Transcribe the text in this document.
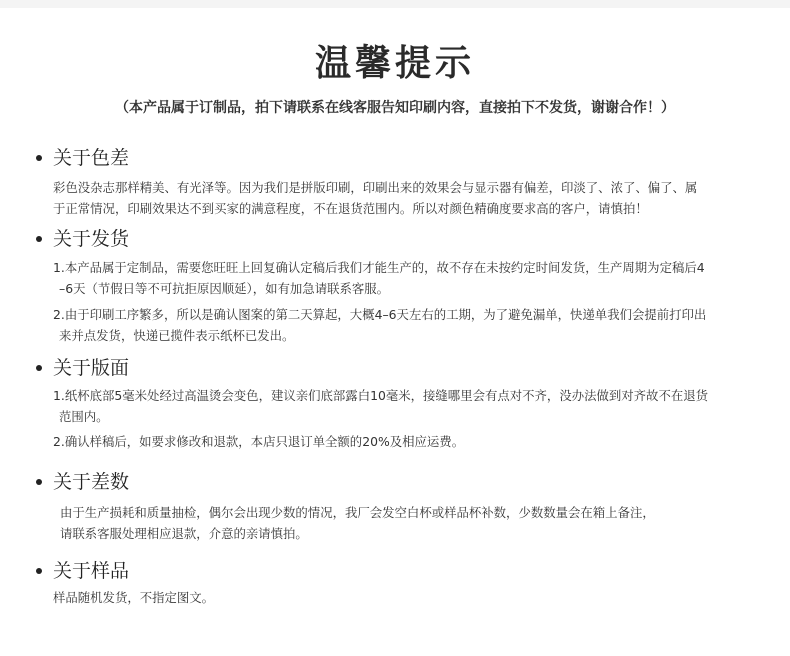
温馨提示
（本产品属于订制品，拍下请联系在线客服告知印刷内容，直接拍下不发货，谢谢合作！）
关于色差
彩色没杂志那样精美、有光泽等。因为我们是拼版印刷，印刷出来的效果会与显示器有偏差，印淡了、浓了、偏了、属
于正常情况，印刷效果达不到买家的满意程度，不在退货范围内。所以对颜色精确度要求高的客户，请慎拍！
关于发货
1.本产品属于定制品，需要您旺旺上回复确认定稿后我们才能生产的，故不存在未按约定时间发货，生产周期为定稿后4
–6天（节假日等不可抗拒原因顺延），如有加急请联系客服。
2.由于印刷工序繁多，所以是确认图案的第二天算起，大概4–6天左右的工期，为了避免漏单，快递单我们会提前打印出
来并点发货，快递已揽件表示纸杯已发出。
关于版面
1.纸杯底部5毫米处经过高温烫会变色，建议亲们底部露白10毫米，接缝哪里会有点对不齐，没办法做到对齐故不在退货
范围内。
2.确认样稿后，如要求修改和退款，本店只退订单全额的20%及相应运费。
关于差数
由于生产损耗和质量抽检，偶尔会出现少数的情况，我厂会发空白杯或样品杯补数，少数数量会在箱上备注，
请联系客服处理相应退款，介意的亲请慎拍。
关于样品
样品随机发货，不指定图文。
